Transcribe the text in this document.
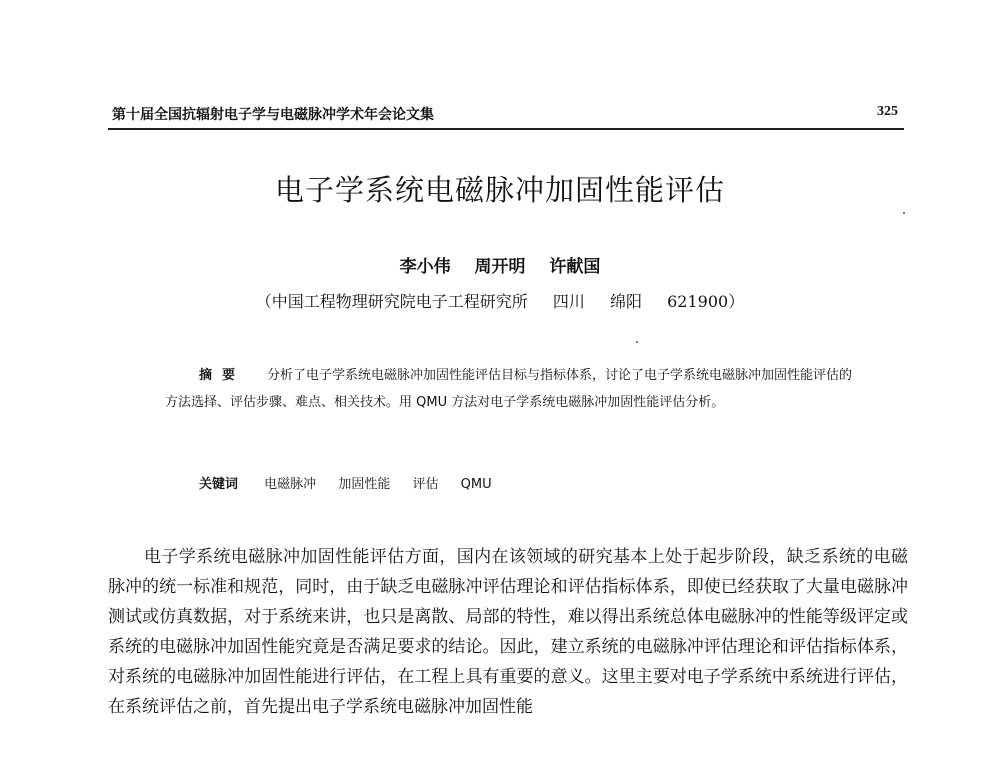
第十届全国抗辐射电子学与电磁脉冲学术年会论文集	325
电子学系统电磁脉冲加固性能评估
李小伟 周开明 许献国
（中国工程物理研究院电子工程研究所 四川 绵阳 621900）
摘要 分析了电子学系统电磁脉冲加固性能评估目标与指标体系，讨论了电子学系统电磁脉冲加固性能评估的方法选择、评估步骤、难点、相关技术。用 QMU 方法对电子学系统电磁脉冲加固性能评估分析。
关键词 电磁脉冲 加固性能 评估 QMU
电子学系统电磁脉冲加固性能评估方面，国内在该领域的研究基本上处于起步阶段，缺乏系统的电磁脉冲的统一标准和规范，同时，由于缺乏电磁脉冲评估理论和评估指标体系，即使已经获取了大量电磁脉冲测试或仿真数据，对于系统来讲，也只是离散、局部的特性，难以得出系统总体电磁脉冲的性能等级评定或系统的电磁脉冲加固性能究竟是否满足要求的结论。因此，建立系统的电磁脉冲评估理论和评估指标体系，对系统的电磁脉冲加固性能进行评估，在工程上具有重要的意义。这里主要对电子学系统中系统进行评估，在系统评估之前，首先提出电子学系统电磁脉冲加固性能
